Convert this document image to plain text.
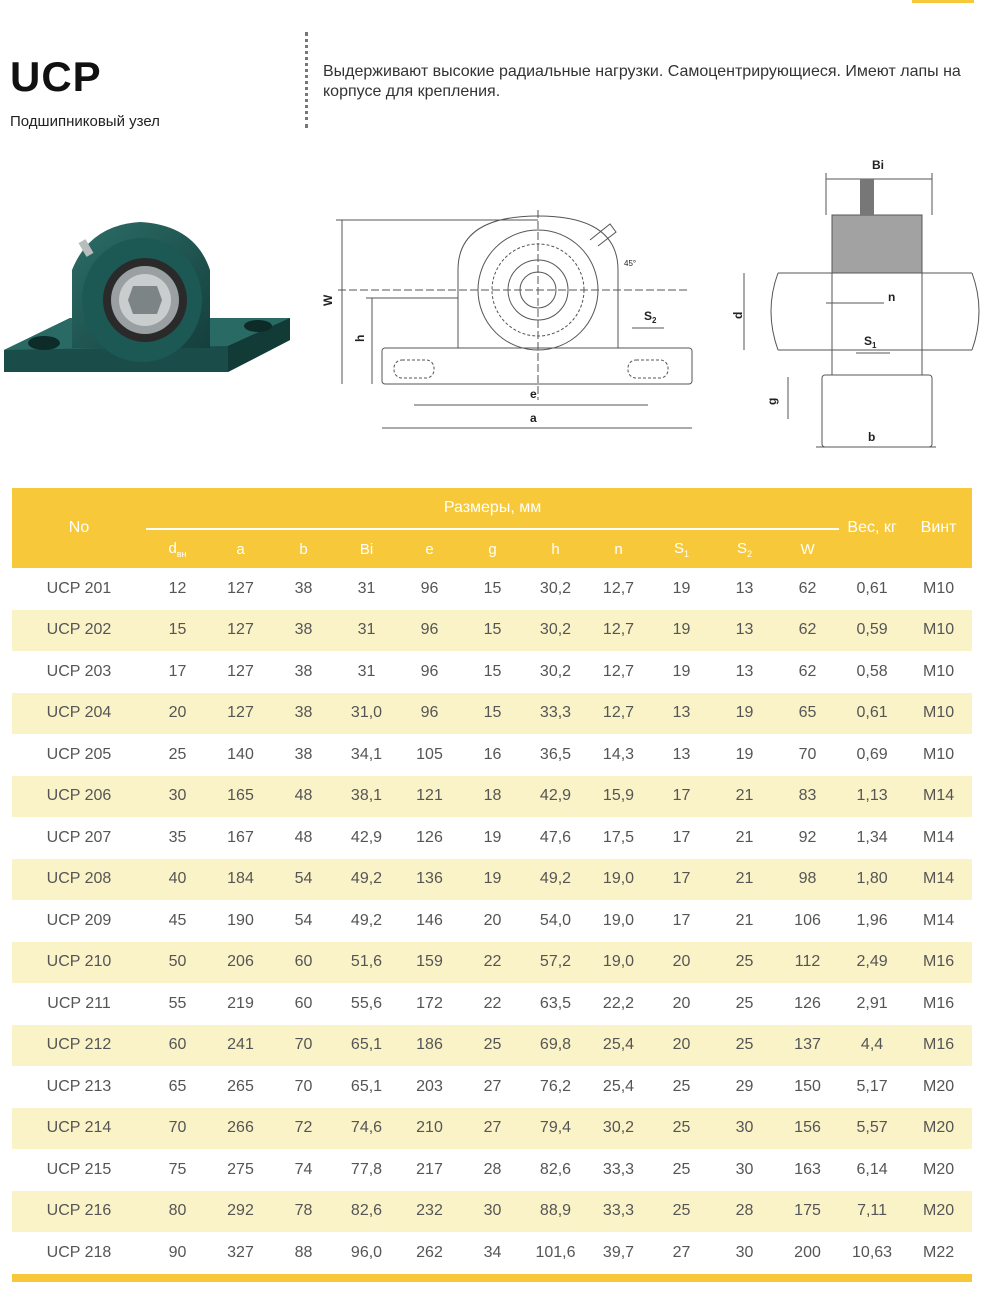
UCP
Подшипниковый узел
Выдерживают высокие радиальные нагрузки. Самоцентрирующиеся. Имеют лапы на корпусе для крепления.
W
h
e
a
45°
$S_2$
Bi
d
n
$S_1$
g
b
No	Размеры, мм											Вес, кг	Винт
	$d_{вн}$	a	b	Bi	e	g	h	n	$S_1$	$S_2$	W		
UCP 201	12	127	38	31	96	15	30,2	12,7	19	13	62	0,61	M10
UCP 202	15	127	38	31	96	15	30,2	12,7	19	13	62	0,59	M10
UCP 203	17	127	38	31	96	15	30,2	12,7	19	13	62	0,58	M10
UCP 204	20	127	38	31,0	96	15	33,3	12,7	13	19	65	0,61	M10
UCP 205	25	140	38	34,1	105	16	36,5	14,3	13	19	70	0,69	M10
UCP 206	30	165	48	38,1	121	18	42,9	15,9	17	21	83	1,13	M14
UCP 207	35	167	48	42,9	126	19	47,6	17,5	17	21	92	1,34	M14
UCP 208	40	184	54	49,2	136	19	49,2	19,0	17	21	98	1,80	M14
UCP 209	45	190	54	49,2	146	20	54,0	19,0	17	21	106	1,96	M14
UCP 210	50	206	60	51,6	159	22	57,2	19,0	20	25	112	2,49	M16
UCP 211	55	219	60	55,6	172	22	63,5	22,2	20	25	126	2,91	M16
UCP 212	60	241	70	65,1	186	25	69,8	25,4	20	25	137	4,4	M16
UCP 213	65	265	70	65,1	203	27	76,2	25,4	25	29	150	5,17	M20
UCP 214	70	266	72	74,6	210	27	79,4	30,2	25	30	156	5,57	M20
UCP 215	75	275	74	77,8	217	28	82,6	33,3	25	30	163	6,14	M20
UCP 216	80	292	78	82,6	232	30	88,9	33,3	25	28	175	7,11	M20
UCP 218	90	327	88	96,0	262	34	101,6	39,7	27	30	200	10,63	M22
